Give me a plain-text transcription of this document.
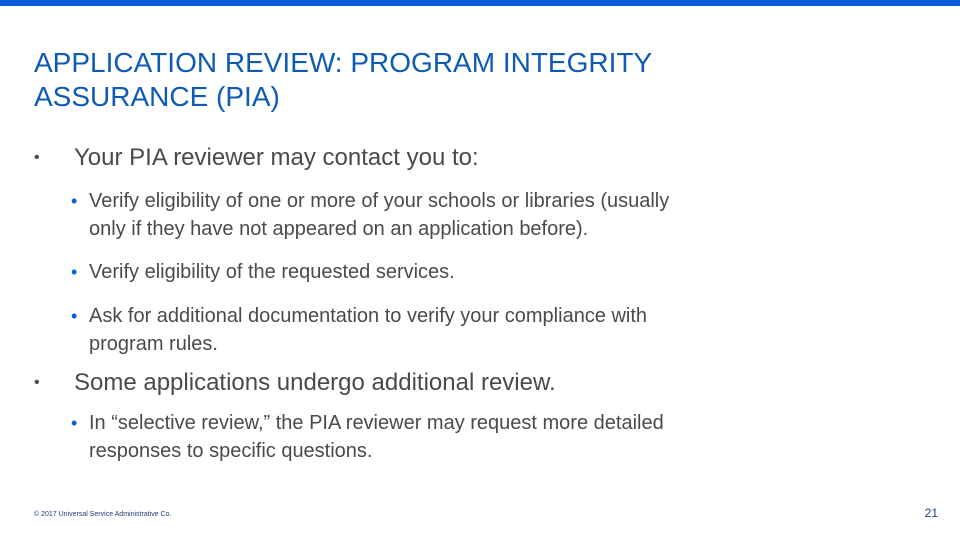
APPLICATION REVIEW: PROGRAM INTEGRITY
ASSURANCE (PIA)
• Your PIA reviewer may contact you to:
• Verify eligibility of one or more of your schools or libraries (usually
only if they have not appeared on an application before).
• Verify eligibility of the requested services.
• Ask for additional documentation to verify your compliance with
program rules.
• Some applications undergo additional review.
• In “selective review,” the PIA reviewer may request more detailed
responses to specific questions.
© 2017 Universal Service Administrative Co.	21
